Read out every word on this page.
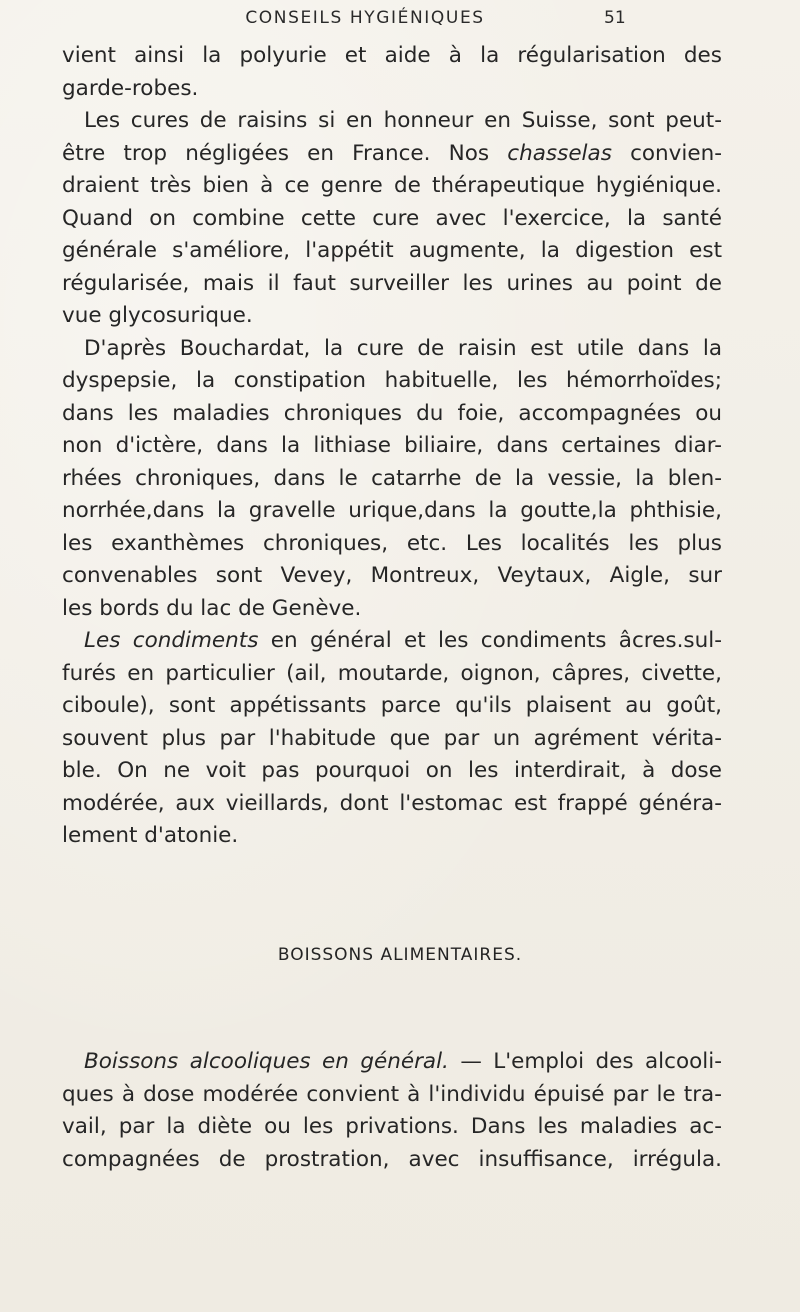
CONSEILS HYGIÉNIQUES	51
vient ainsi la polyurie et aide à la régularisation des
garde-robes.
Les cures de raisins si en honneur en Suisse, sont peut-
être trop négligées en France. Nos chasselas convien-
draient très bien à ce genre de thérapeutique hygiénique.
Quand on combine cette cure avec l'exercice, la santé
générale s'améliore, l'appétit augmente, la digestion est
régularisée, mais il faut surveiller les urines au point de
vue glycosurique.
D'après Bouchardat, la cure de raisin est utile dans la
dyspepsie, la constipation habituelle, les hémorrhoïdes;
dans les maladies chroniques du foie, accompagnées ou
non d'ictère, dans la lithiase biliaire, dans certaines diar-
rhées chroniques, dans le catarrhe de la vessie, la blen-
norrhée,dans la gravelle urique,dans la goutte,la phthisie,
les exanthèmes chroniques, etc. Les localités les plus
convenables sont Vevey, Montreux, Veytaux, Aigle, sur
les bords du lac de Genève.
Les condiments en général et les condiments âcres.sul-
furés en particulier (ail, moutarde, oignon, câpres, civette,
ciboule), sont appétissants parce qu'ils plaisent au goût,
souvent plus par l'habitude que par un agrément vérita-
ble. On ne voit pas pourquoi on les interdirait, à dose
modérée, aux vieillards, dont l'estomac est frappé généra-
lement d'atonie.
BOISSONS ALIMENTAIRES.
Boissons alcooliques en général. — L'emploi des alcooli-
ques à dose modérée convient à l'individu épuisé par le tra-
vail, par la diète ou les privations. Dans les maladies ac-
compagnées de prostration, avec insuffisance, irrégula.
